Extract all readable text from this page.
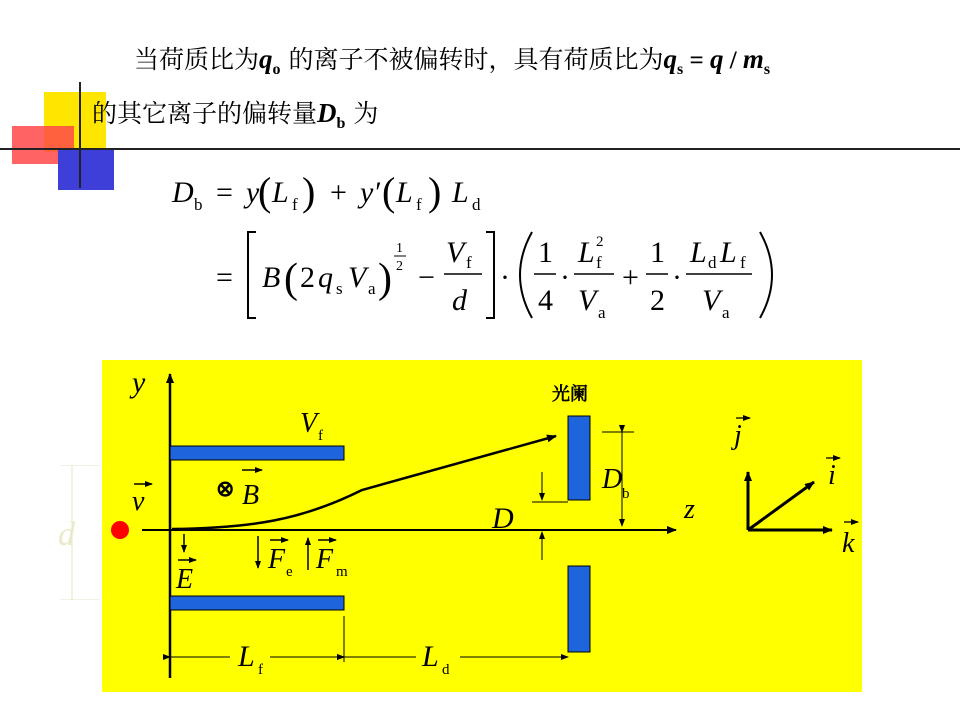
当荷质比为$q_o$ 的离子不被偏转时，具有荷质比为$q_s = q / m_s$
的其它离子的偏转量$D_b$ 为
D b = y
( L f ) + y′ ( L f ) L d
= B ( 2 q s V a )
1
2 −
V f
d
·
1
4
·
L 2
f
V a
+
1
2
·
L d L f
V a
d
y
z
V f
v	⊗ B
E
F e F m
光阑
D b
D
L f	L d
j
i
k
